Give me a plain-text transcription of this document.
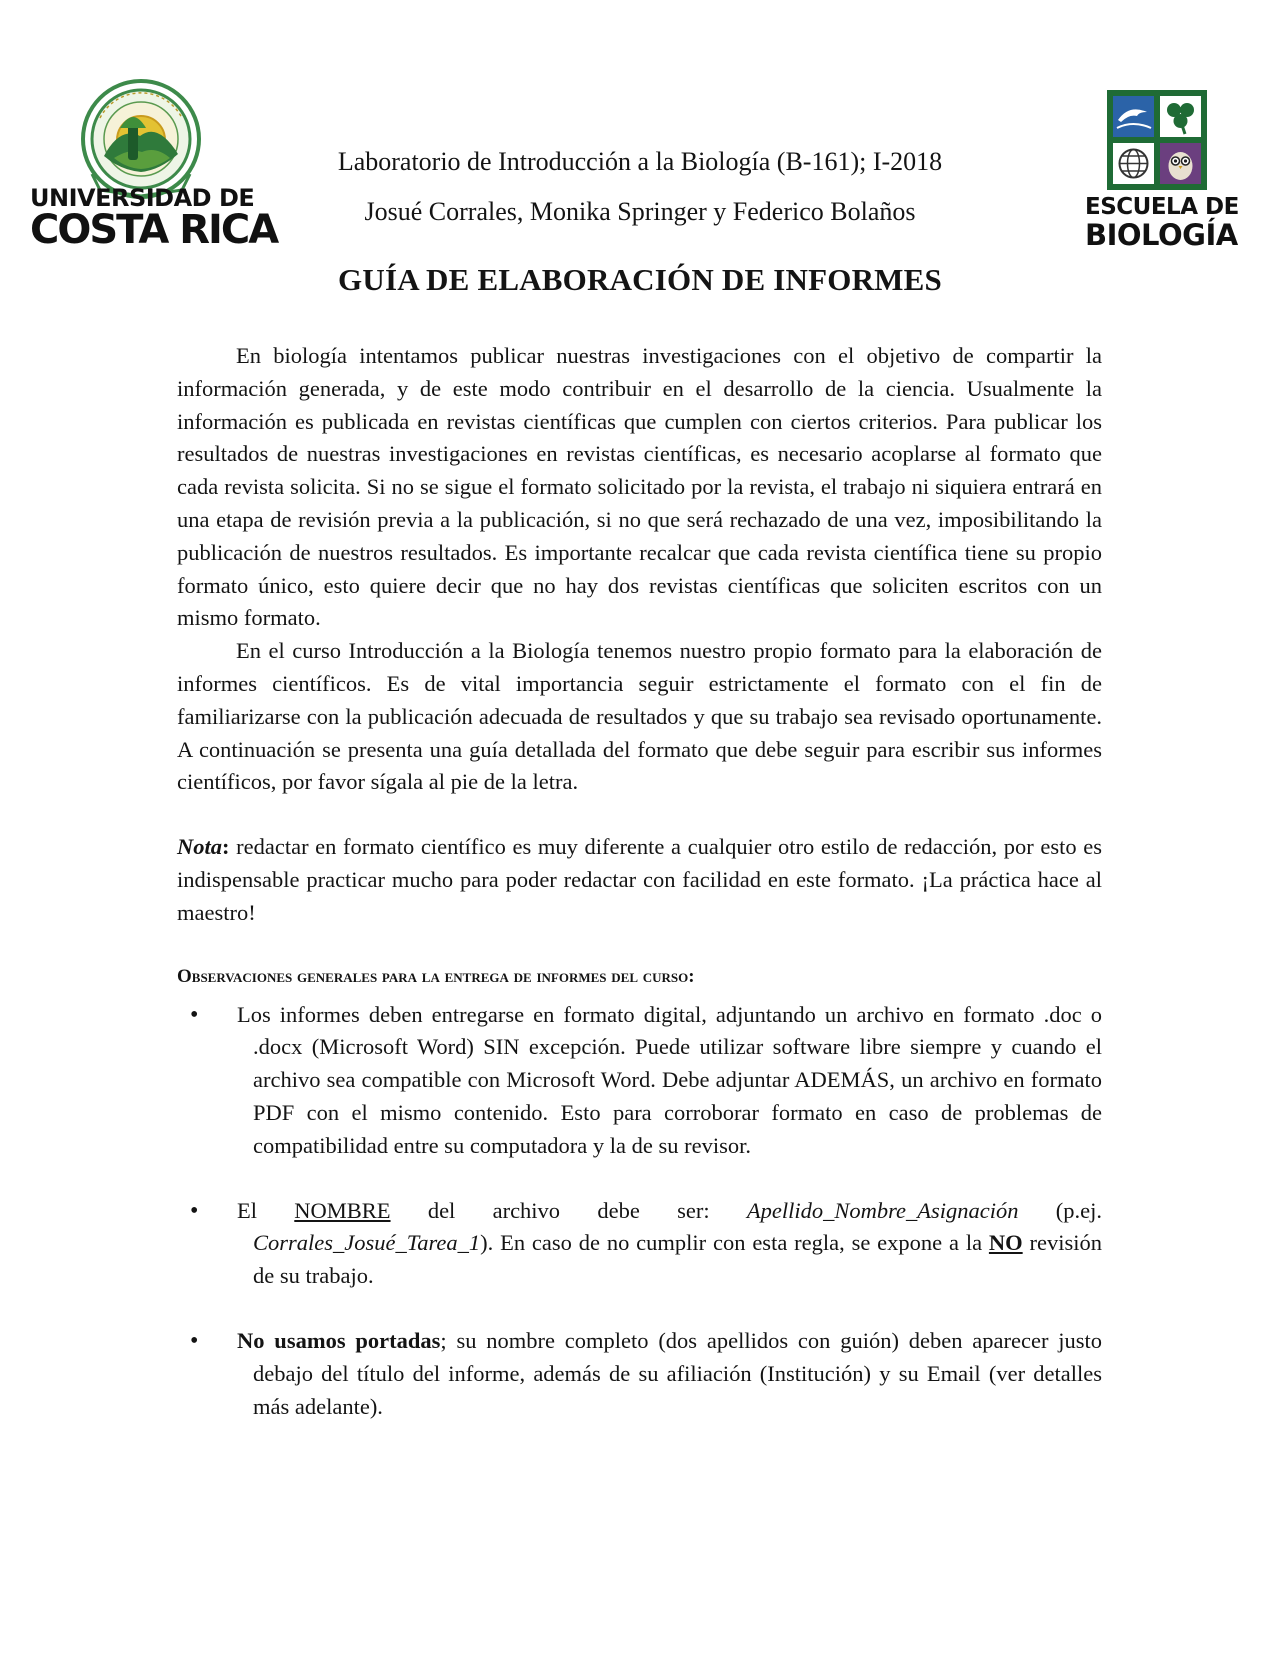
UNIVERSIDAD DE
COSTA RICA

Laboratorio de Introducción a la Biología (B-161); I-2018

Josué Corrales, Monika Springer y Federico Bolaños	ESCUELA DE
BIOLOGÍA
GUÍA DE ELABORACIÓN DE INFORMES

En biología intentamos publicar nuestras investigaciones con el objetivo de compartir la información generada, y de este modo contribuir en el desarrollo de la ciencia. Usualmente la información es publicada en revistas científicas que cumplen con ciertos criterios. Para publicar los resultados de nuestras investigaciones en revistas científicas, es necesario acoplarse al formato que cada revista solicita. Si no se sigue el formato solicitado por la revista, el trabajo ni siquiera entrará en una etapa de revisión previa a la publicación, si no que será rechazado de una vez, imposibilitando la publicación de nuestros resultados. Es importante recalcar que cada revista científica tiene su propio formato único, esto quiere decir que no hay dos revistas científicas que soliciten escritos con un mismo formato.

En el curso Introducción a la Biología tenemos nuestro propio formato para la elaboración de informes científicos. Es de vital importancia seguir estrictamente el formato con el fin de familiarizarse con la publicación adecuada de resultados y que su trabajo sea revisado oportunamente. A continuación se presenta una guía detallada del formato que debe seguir para escribir sus informes científicos, por favor sígala al pie de la letra.

Nota: redactar en formato científico es muy diferente a cualquier otro estilo de redacción, por esto es indispensable practicar mucho para poder redactar con facilidad en este formato. ¡La práctica hace al maestro!

Observaciones generales para la entrega de informes del curso:
• Los informes deben entregarse en formato digital, adjuntando un archivo en formato .doc o .docx (Microsoft Word) SIN excepción. Puede utilizar software libre siempre y cuando el archivo sea compatible con Microsoft Word. Debe adjuntar ADEMÁS, un archivo en formato PDF con el mismo contenido. Esto para corroborar formato en caso de problemas de compatibilidad entre su computadora y la de su revisor.
• El NOMBRE del archivo debe ser: Apellido_Nombre_Asignación (p.ej. Corrales_Josué_Tarea_1). En caso de no cumplir con esta regla, se expone a la NO revisión de su trabajo.
• No usamos portadas; su nombre completo (dos apellidos con guión) deben aparecer justo debajo del título del informe, además de su afiliación (Institución) y su Email (ver detalles más adelante).
